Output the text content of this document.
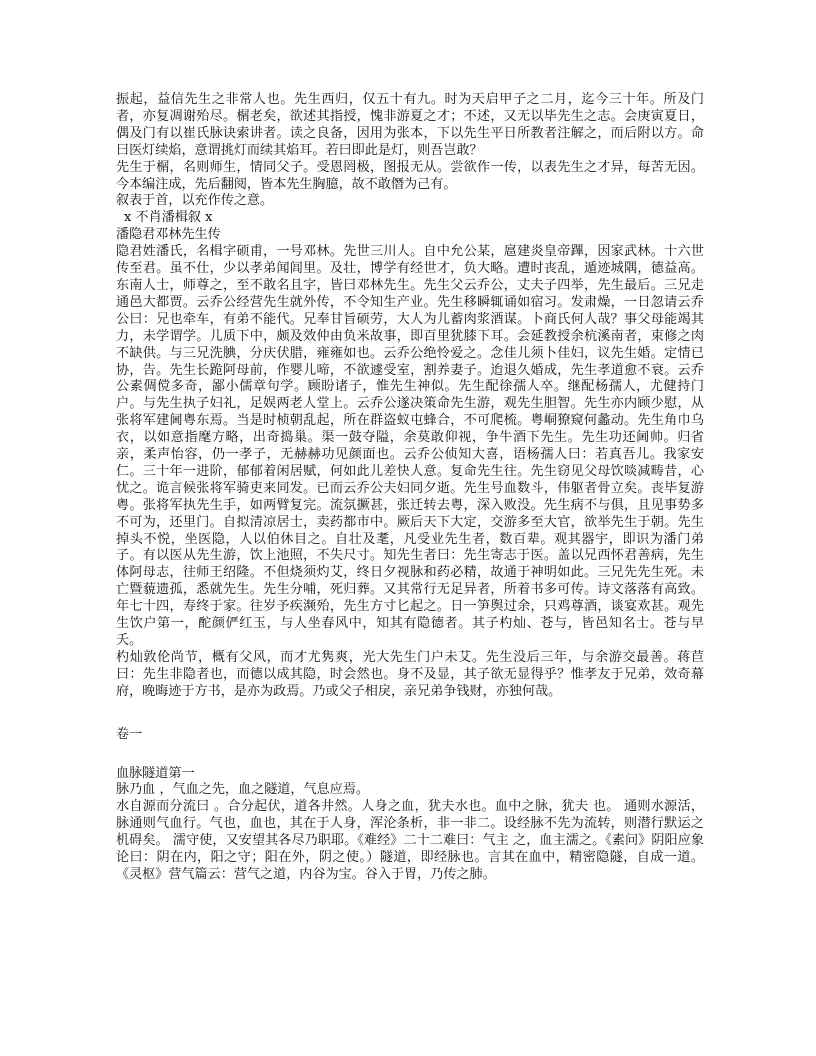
振起，益信先生之非常人也。先生西归，仅五十有九。时为天启甲子之二月，迄今三十年。所及门者，亦复凋谢殆尽。榍老矣，欲述其指授，愧非游夏之才；不述，又无以毕先生之志。会庚寅夏日，偶及门有以崔氏脉诀索讲者。读之良备，因用为张本，下以先生平日所教者注解之，而后附以方。命曰医灯续焰，意谓挑灯而续其焰耳。若曰即此是灯，则吾岂敢？

先生于榍，名则师生，情同父子。受恩罔极，图报无从。尝欲作一传，以表先生之才异，每苦无因。今本编注成，先后翻阅，皆本先生胸臆，故不敢僭为己有。

叙表于首，以充作传之意。

x 不肖潘楫叙 x

潘隐君邓林先生传

隐君姓潘氏，名楫字硕甫，一号邓林。先世三川人。自中允公某，扈建炎皇帝蹕，因家武林。十六世传至君。虽不仕，少以孝弟闻闾里。及壮，博学有经世才，负大略。遭时丧乱，遁迹城隅，德益高。东南人士，师尊之，至不敢名且字，皆曰邓林先生。先生父云乔公，丈夫子四举，先生最后。三兄走通邑大都贾。云乔公经营先生就外传，不令知生产业。先生移瞬辄诵如宿习。发肃燥，一日忽请云乔公曰：兄也牵车，有弟不能代。兄奉甘旨硕劳，大人为儿蓄肉浆酒谋。卜商氏何人哉？事父母能竭其力，未学谓学。儿质下中，颇及效仲由负米故事，即百里犹膝下耳。会延教授余杭溪南者，束修之肉不缺供。与三兄洗腆，分庆伏腊，雍雍如也。云乔公绝怜爱之。念佳儿须卜佳妇，议先生婚。定情已协，告。先生长跪阿母前，作婴儿啼，不欲遽受室，割养妻子。迨退久婚成，先生孝道愈不衰。云乔公素倜傥多奇，鄙小儒章句学。顾盼诸子，惟先生神似。先生配徐孺人卒。继配杨孺人，尤健持门户。与先生执子妇礼，足娱两老人堂上。云乔公遂决策命先生游，观先生胆智。先生亦内顾少慰，从张将军建阃粤东焉。当是时桢朝乱起，所在群盗蚁屯蜂合，不可爬梳。粤峒獠窥何蠡动。先生角巾乌衣，以如意指麾方略，出奇捣巢。渠一鼓夺隘，余莫敢仰视，争牛酒下先生。先生功还阃帅。归省亲，柔声怡容，仍一孝子，无赫赫功见颜面也。云乔公侦知大喜，语杨孺人曰：若真吾儿。我家安仁。三十年一进阶，郁郁着闲居赋，何如此儿差快人意。复命先生往。先生窃见父母饮啖减畴昔，心忧之。诡言候张将军骑吏来同发。已而云乔公夫妇同夕逝。先生号血数斗，伟躯者骨立矣。丧毕复游粤。张将军执先生手，如两臂复完。流氛撅甚，张迁转去粤，深入败没。先生病不与俱，且见事势多不可为，还里门。自拟清凉居士，卖药都市中。厥后天下大定，交游多至大官，欲举先生于朝。先生掉头不悦，坐医隐，人以伯休目之。自壮及耄，凡受业先生者，数百辈。观其器宇，即识为潘门弟子。有以医从先生游，饮上池照，不失尺寸。知先生者曰：先生寄志于医。盖以兄西怀君善病，先生体阿母志，往师王绍隆。不但烧须灼艾，终日夕视脉和药必精，故通于神明如此。三兄先先生死。未亡暨藐遗孤，悉就先生。先生分哺，死归葬。又其常行无足异者，所着书多可传。诗文落落有高致。年七十四，寿终于家。往岁予疾濒殆，先生方寸匕起之。日一笋舆过余，只鸡尊酒，谈宴欢甚。观先生饮户第一，酡颜俨红玉，与人坐春风中，知其有隐德者。其子杓灿、苍与，皆邑知名士。苍与早夭。

杓灿敦伦尚节，概有父风，而才尤隽爽，光大先生门户未艾。先生没后三年，与余游交最善。蒋苣曰：先生非隐者也，而德以成其隐，时会然也。身不及显，其子欲无显得乎？惟孝友于兄弟，效奇幕府，晚晦迹于方书，是亦为政焉。乃或父子相戾，亲兄弟争钱财，亦独何哉。

卷一

血脉隧道第一

脉乃血 ，气血之先，血之隧道，气息应焉。

水自源而分流曰 。合分起伏，道各井然。人身之血，犹夫水也。血中之脉，犹夫 也。 通则水源活，脉通则气血行。气也，血也，其在于人身，浑沦条析，非一非二。设经脉不先为流转，则潜行默运之机碍矣。 濡守使，又安望其各尽乃职耶。《难经》二十二难曰：气主 之，血主濡之。《素问》阴阳应象论曰：阴在内，阳之守；阳在外，阴之使。）隧道，即经脉也。言其在血中，精密隐隧，自成一道。《灵枢》营气篇云：营气之道，内谷为宝。谷入于胃，乃传之肺。
